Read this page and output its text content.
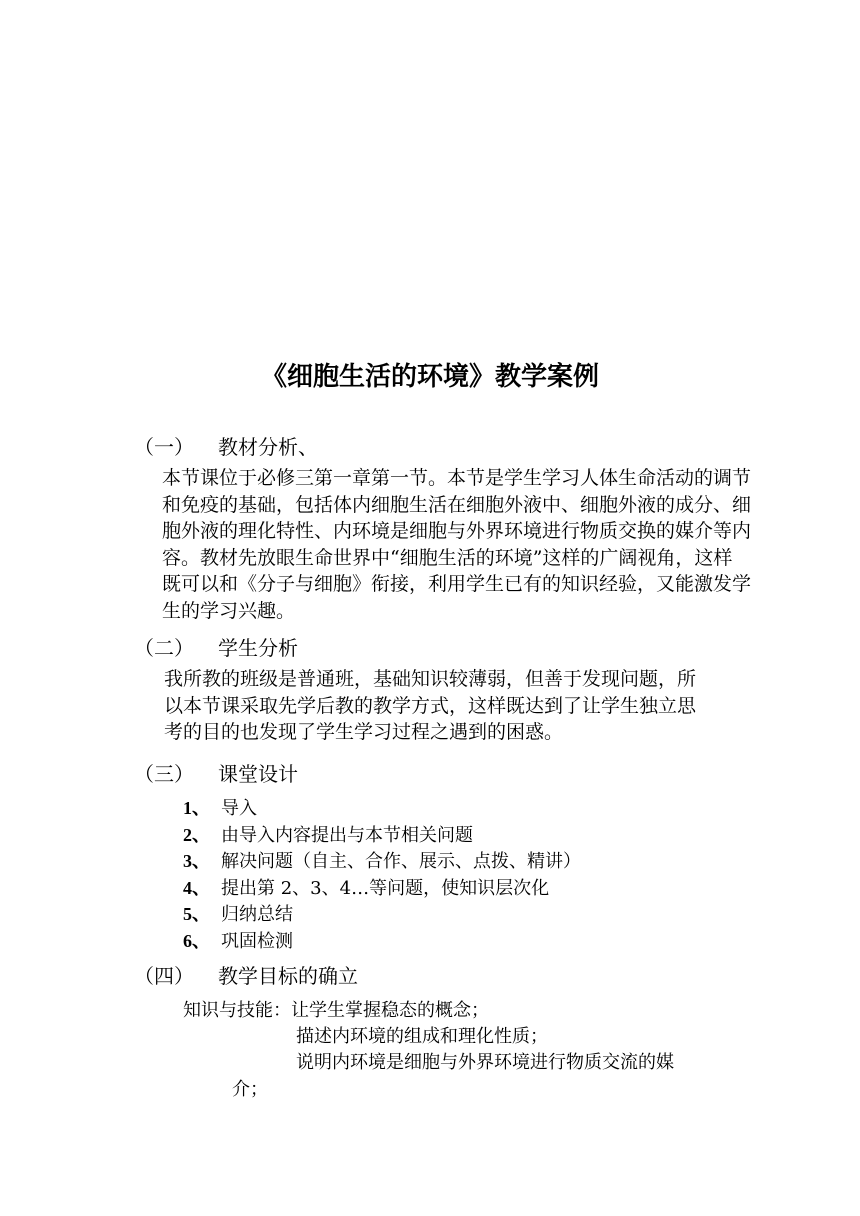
《细胞生活的环境》教学案例
（一） 教材分析、
本节课位于必修三第一章第一节。本节是学生学习人体生命活动的调节
和免疫的基础，包括体内细胞生活在细胞外液中、细胞外液的成分、细
胞外液的理化特性、内环境是细胞与外界环境进行物质交换的媒介等内
容。教材先放眼生命世界中“细胞生活的环境”这样的广阔视角，这样
既可以和《分子与细胞》衔接，利用学生已有的知识经验，又能激发学
生的学习兴趣。
（二） 学生分析
我所教的班级是普通班，基础知识较薄弱，但善于发现问题，所
以本节课采取先学后教的教学方式，这样既达到了让学生独立思
考的目的也发现了学生学习过程之遇到的困惑。
（三） 课堂设计
1、 导入
2、 由导入内容提出与本节相关问题
3、 解决问题（自主、合作、展示、点拨、精讲）
4、 提出第 2、3、4…等问题，使知识层次化
5、 归纳总结
6、 巩固检测
（四） 教学目标的确立
知识与技能：让学生掌握稳态的概念；
描述内环境的组成和理化性质；
说明内环境是细胞与外界环境进行物质交流的媒
介；
